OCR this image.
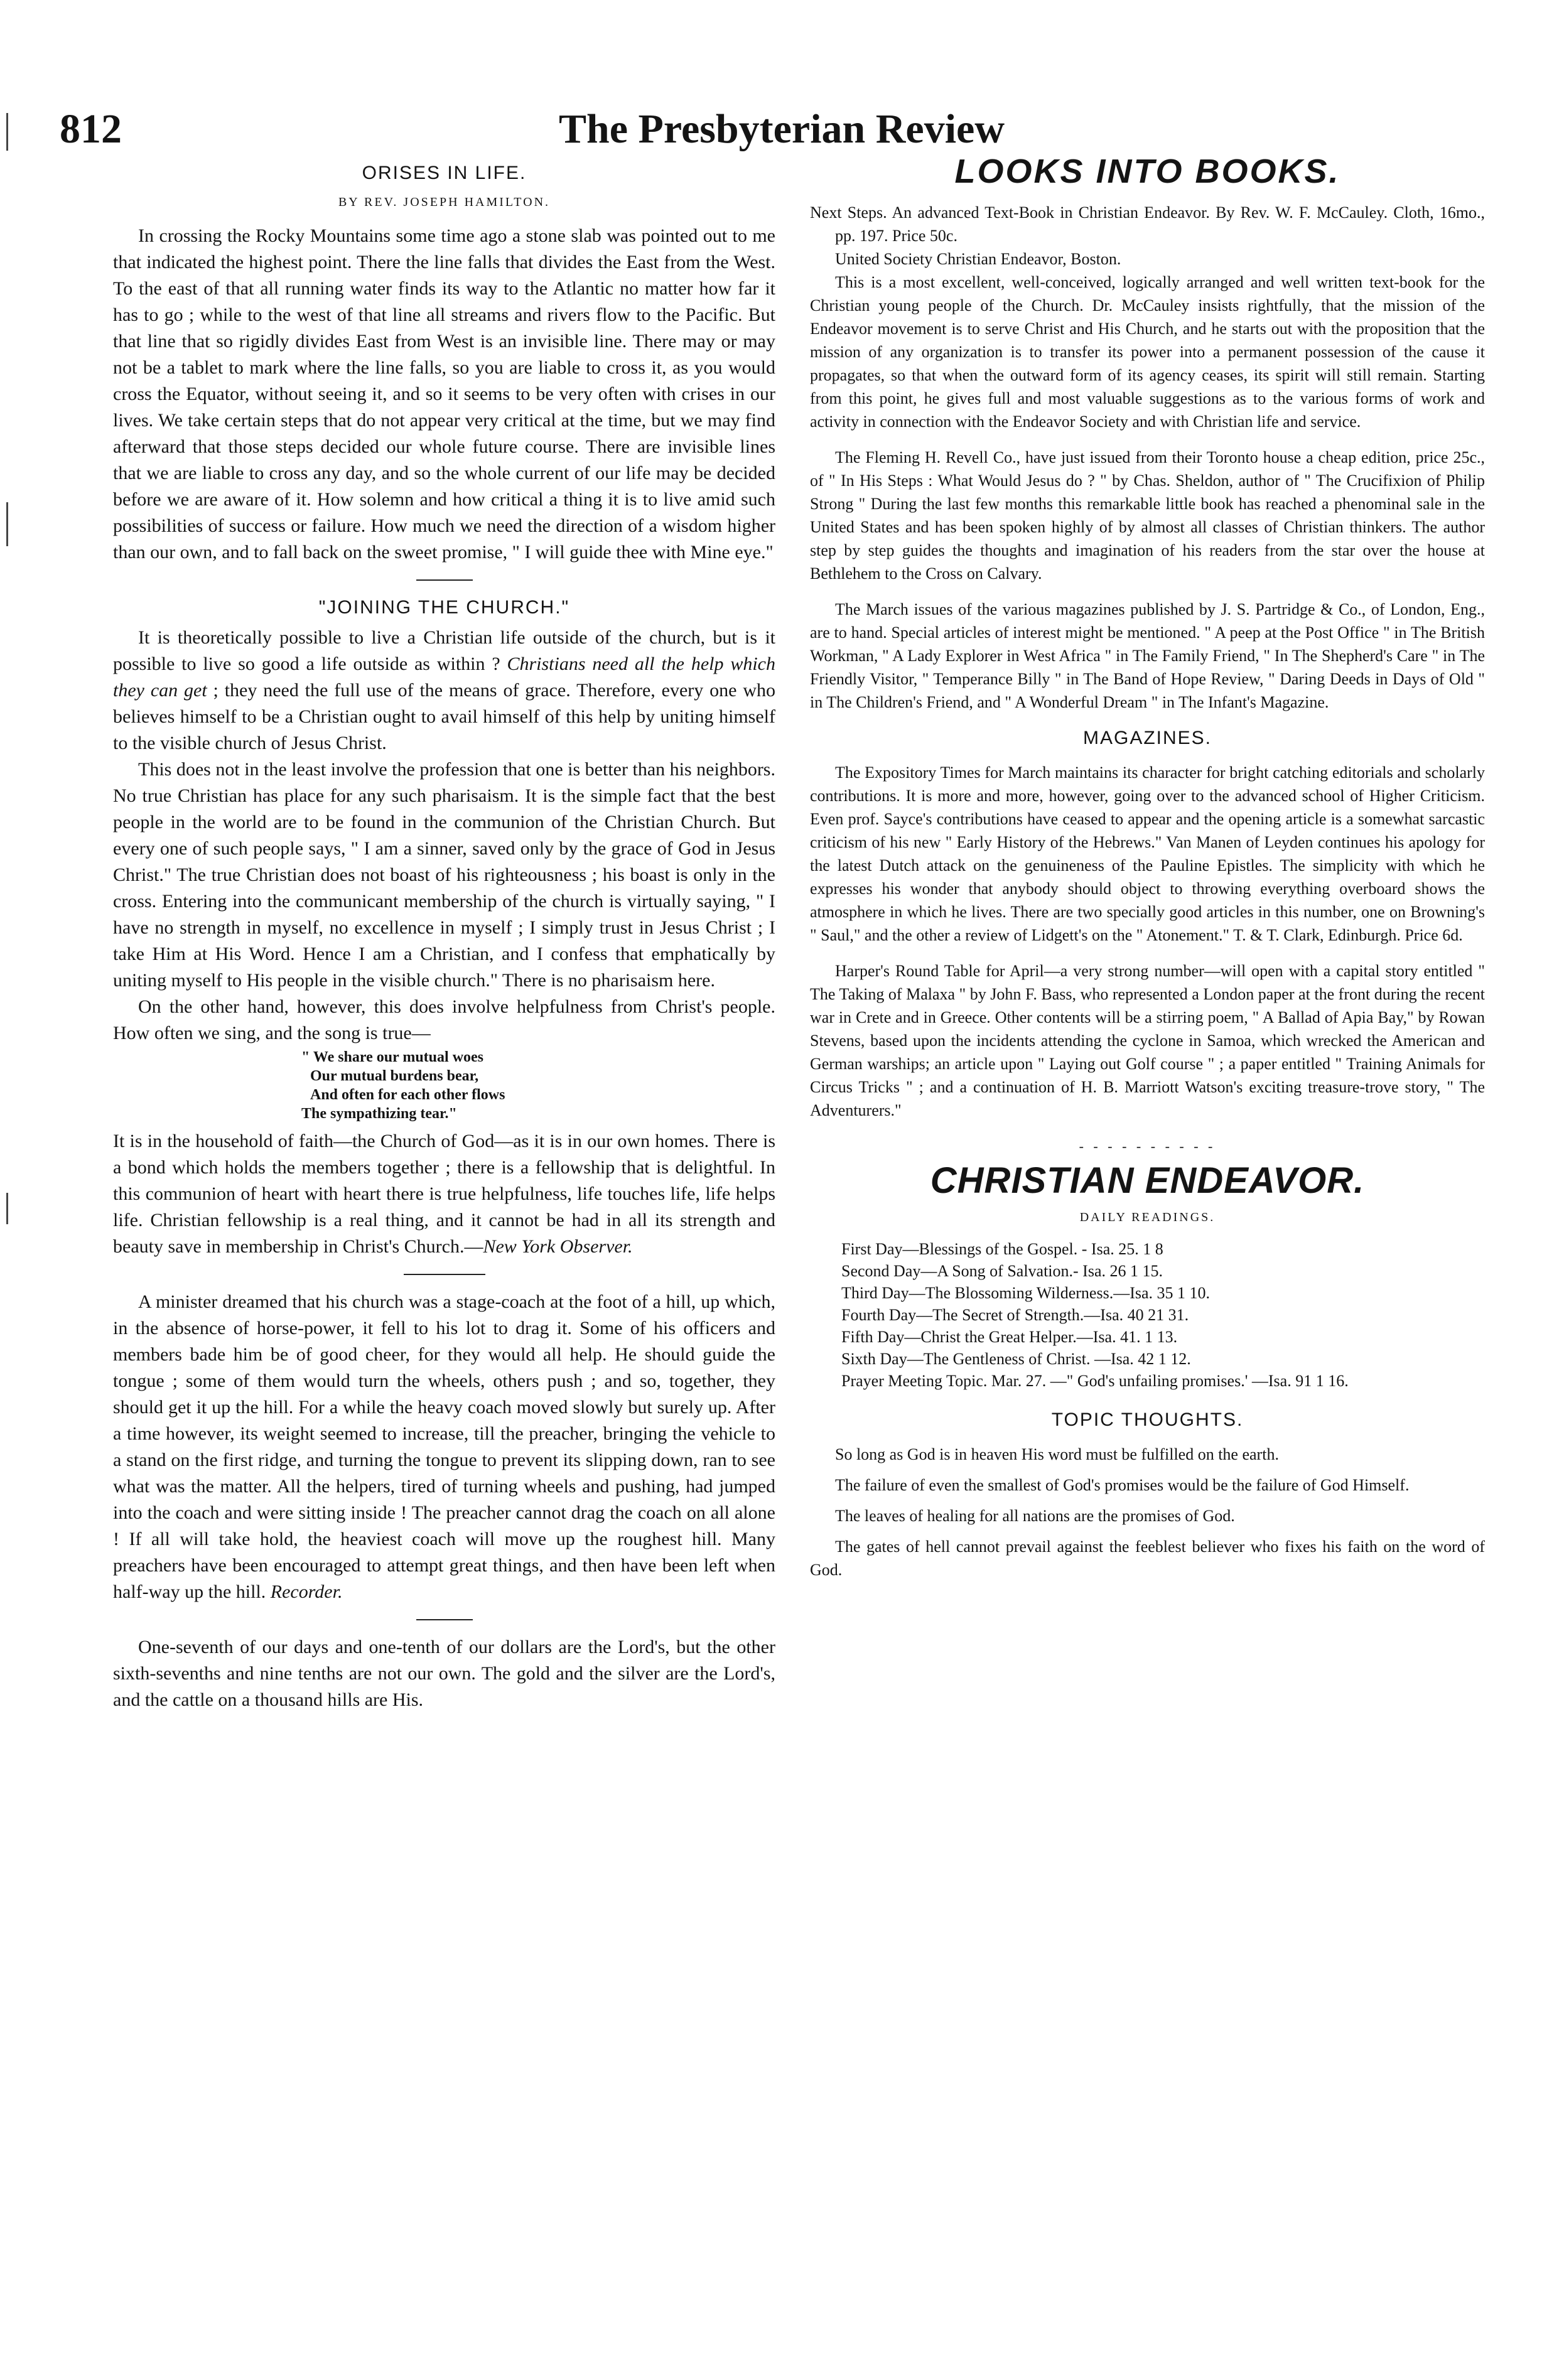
812	The Presbyterian Review
ORISES IN LIFE.
BY REV. JOSEPH HAMILTON.

In crossing the Rocky Mountains some time ago a stone slab was pointed out to me that indicated the highest point. There the line falls that divides the East from the West. To the east of that all running water finds its way to the Atlantic no matter how far it has to go ; while to the west of that line all streams and rivers flow to the Pacific. But that line that so rigidly divides East from West is an invisible line. There may or may not be a tablet to mark where the line falls, so you are liable to cross it, as you would cross the Equator, without seeing it, and so it seems to be very often with crises in our lives. We take certain steps that do not appear very critical at the time, but we may find afterward that those steps decided our whole future course. There are invisible lines that we are liable to cross any day, and so the whole current of our life may be decided before we are aware of it. How solemn and how critical a thing it is to live amid such possibilities of success or failure. How much we need the direction of a wisdom higher than our own, and to fall back on the sweet promise, " I will guide thee with Mine eye."

"JOINING THE CHURCH."

It is theoretically possible to live a Christian life outside of the church, but is it possible to live so good a life outside as within ? Christians need all the help which they can get ; they need the full use of the means of grace. Therefore, every one who believes himself to be a Christian ought to avail himself of this help by uniting himself to the visible church of Jesus Christ.

This does not in the least involve the profession that one is better than his neighbors. No true Christian has place for any such pharisaism. It is the simple fact that the best people in the world are to be found in the communion of the Christian Church. But every one of such people says, " I am a sinner, saved only by the grace of God in Jesus Christ." The true Christian does not boast of his righteousness ; his boast is only in the cross. Entering into the communicant membership of the church is virtually saying, " I have no strength in myself, no excellence in myself ; I simply trust in Jesus Christ ; I take Him at His Word. Hence I am a Christian, and I confess that emphatically by uniting myself to His people in the visible church." There is no pharisaism here.

On the other hand, however, this does involve helpfulness from Christ's people. How often we sing, and the song is true—

" We share our mutual woes
Our mutual burdens bear,
And often for each other flows
The sympathizing tear."

It is in the household of faith—the Church of God—as it is in our own homes. There is a bond which holds the members together ; there is a fellowship that is delightful. In this communion of heart with heart there is true helpfulness, life touches life, life helps life. Christian fellowship is a real thing, and it cannot be had in all its strength and beauty save in membership in Christ's Church.—New York Observer.

A minister dreamed that his church was a stage-coach at the foot of a hill, up which, in the absence of horse-power, it fell to his lot to drag it. Some of his officers and members bade him be of good cheer, for they would all help. He should guide the tongue ; some of them would turn the wheels, others push ; and so, together, they should get it up the hill. For a while the heavy coach moved slowly but surely up. After a time however, its weight seemed to increase, till the preacher, bringing the vehicle to a stand on the first ridge, and turning the tongue to prevent its slipping down, ran to see what was the matter. All the helpers, tired of turning wheels and pushing, had jumped into the coach and were sitting inside ! The preacher cannot drag the coach on all alone ! If all will take hold, the heaviest coach will move up the roughest hill. Many preachers have been encouraged to attempt great things, and then have been left when half-way up the hill. Recorder.

One-seventh of our days and one-tenth of our dollars are the Lord's, but the other sixth-sevenths and nine tenths are not our own. The gold and the silver are the Lord's, and the cattle on a thousand hills are His.

LOOKS INTO BOOKS.

Next Steps. An advanced Text-Book in Christian Endeavor. By Rev. W. F. McCauley. Cloth, 16mo., pp. 197. Price 50c.

United Society Christian Endeavor, Boston.

This is a most excellent, well-conceived, logically arranged and well written text-book for the Christian young people of the Church. Dr. McCauley insists rightfully, that the mission of the Endeavor movement is to serve Christ and His Church, and he starts out with the proposition that the mission of any organization is to transfer its power into a permanent possession of the cause it propagates, so that when the outward form of its agency ceases, its spirit will still remain. Starting from this point, he gives full and most valuable suggestions as to the various forms of work and activity in connection with the Endeavor Society and with Christian life and service.

The Fleming H. Revell Co., have just issued from their Toronto house a cheap edition, price 25c., of " In His Steps : What Would Jesus do ? " by Chas. Sheldon, author of " The Crucifixion of Philip Strong " During the last few months this remarkable little book has reached a phenominal sale in the United States and has been spoken highly of by almost all classes of Christian thinkers. The author step by step guides the thoughts and imagination of his readers from the star over the house at Bethlehem to the Cross on Calvary.

The March issues of the various magazines published by J. S. Partridge & Co., of London, Eng., are to hand. Special articles of interest might be mentioned. " A peep at the Post Office " in The British Workman, " A Lady Explorer in West Africa " in The Family Friend, " In The Shepherd's Care " in The Friendly Visitor, " Temperance Billy " in The Band of Hope Review, " Daring Deeds in Days of Old " in The Children's Friend, and " A Wonderful Dream " in The Infant's Magazine.

MAGAZINES.

The Expository Times for March maintains its character for bright catching editorials and scholarly contributions. It is more and more, however, going over to the advanced school of Higher Criticism. Even prof. Sayce's contributions have ceased to appear and the opening article is a somewhat sarcastic criticism of his new " Early History of the Hebrews." Van Manen of Leyden continues his apology for the latest Dutch attack on the genuineness of the Pauline Epistles. The simplicity with which he expresses his wonder that anybody should object to throwing everything overboard shows the atmosphere in which he lives. There are two specially good articles in this number, one on Browning's " Saul," and the other a review of Lidgett's on the " Atonement." T. & T. Clark, Edinburgh. Price 6d.

Harper's Round Table for April—a very strong number—will open with a capital story entitled " The Taking of Malaxa " by John F. Bass, who represented a London paper at the front during the recent war in Crete and in Greece. Other contents will be a stirring poem, " A Ballad of Apia Bay," by Rowan Stevens, based upon the incidents attending the cyclone in Samoa, which wrecked the American and German warships; an article upon " Laying out Golf course " ; a paper entitled " Training Animals for Circus Tricks " ; and a continuation of H. B. Marriott Watson's exciting treasure-trove story, " The Adventurers."

- - - - - - - - - -
CHRISTIAN ENDEAVOR.
DAILY READINGS.
First Day—Blessings of the Gospel. - Isa. 25. 1 8
Second Day—A Song of Salvation.- Isa. 26 1 15.
Third Day—The Blossoming Wilderness.—Isa. 35 1 10.
Fourth Day—The Secret of Strength.—Isa. 40 21 31.
Fifth Day—Christ the Great Helper.—Isa. 41. 1 13.
Sixth Day—The Gentleness of Christ. —Isa. 42 1 12.
Prayer Meeting Topic. Mar. 27. —" God's unfailing promises.' —Isa. 91 1 16.
TOPIC THOUGHTS.

So long as God is in heaven His word must be fulfilled on the earth.

The failure of even the smallest of God's promises would be the failure of God Himself.

The leaves of healing for all nations are the promises of God.

The gates of hell cannot prevail against the feeblest believer who fixes his faith on the word of God.
